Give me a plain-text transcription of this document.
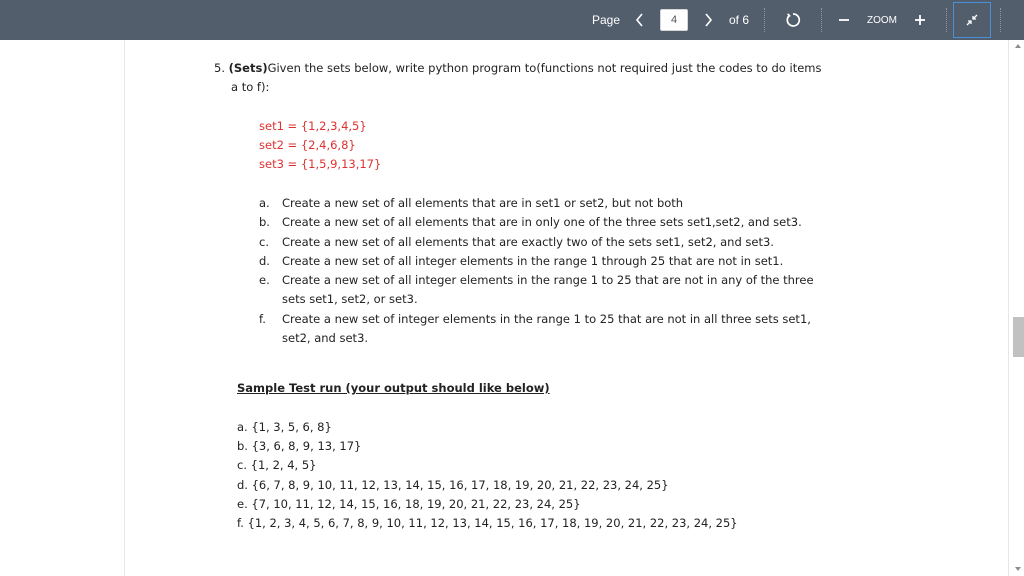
Page
4	of 6	ZOOM
5. (Sets)Given the sets below, write python program to(functions not required just the codes to do items
a to f):
set1 = {1,2,3,4,5}
set2 = {2,4,6,8}
set3 = {1,5,9,13,17}
a. Create a new set of all elements that are in set1 or set2, but not both
b. Create a new set of all elements that are in only one of the three sets set1,set2, and set3.
c. Create a new set of all elements that are exactly two of the sets set1, set2, and set3.
d. Create a new set of all integer elements in the range 1 through 25 that are not in set1.
e. Create a new set of all integer elements in the range 1 to 25 that are not in any of the three
sets set1, set2, or set3.
f. Create a new set of integer elements in the range 1 to 25 that are not in all three sets set1,
set2, and set3.
Sample Test run (your output should like below)
a. {1, 3, 5, 6, 8}
b. {3, 6, 8, 9, 13, 17}
c. {1, 2, 4, 5}
d. {6, 7, 8, 9, 10, 11, 12, 13, 14, 15, 16, 17, 18, 19, 20, 21, 22, 23, 24, 25}
e. {7, 10, 11, 12, 14, 15, 16, 18, 19, 20, 21, 22, 23, 24, 25}
f. {1, 2, 3, 4, 5, 6, 7, 8, 9, 10, 11, 12, 13, 14, 15, 16, 17, 18, 19, 20, 21, 22, 23, 24, 25}
